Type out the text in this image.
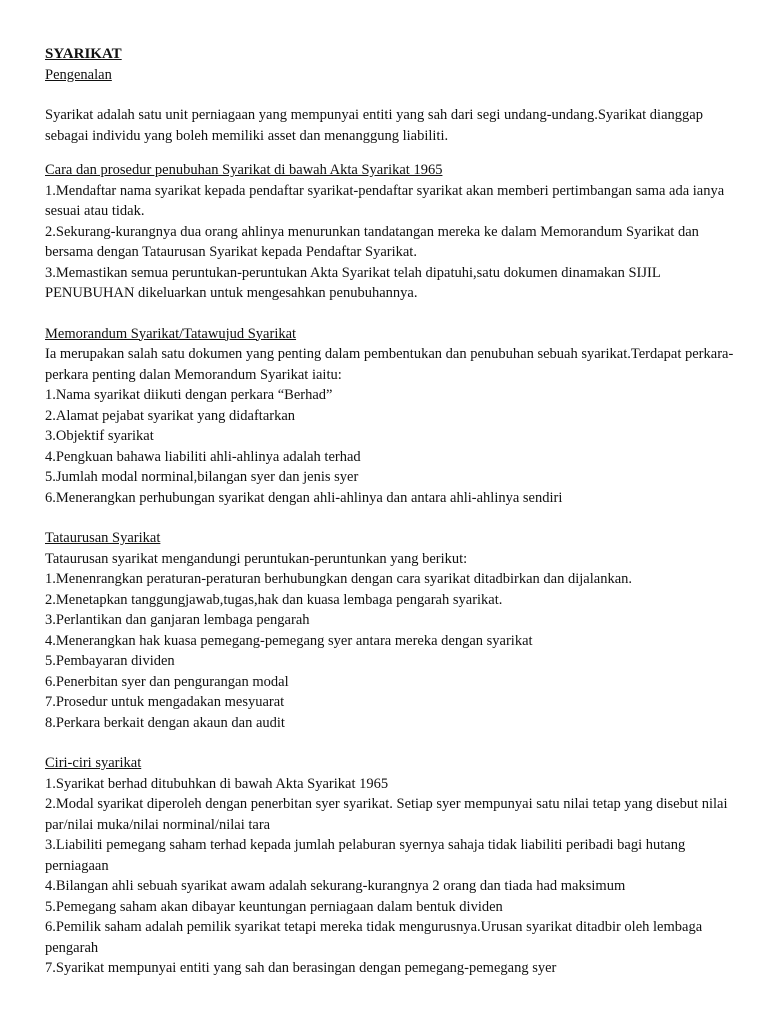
SYARIKAT

Pengenalan

Syarikat adalah satu unit perniagaan yang mempunyai entiti yang sah dari segi undang-undang.Syarikat dianggap sebagai individu yang boleh memiliki asset dan menanggung liabiliti.

Cara dan prosedur penubuhan Syarikat di bawah Akta Syarikat 1965

1.Mendaftar nama syarikat kepada pendaftar syarikat-pendaftar syarikat akan memberi pertimbangan sama ada ianya sesuai atau tidak.
2.Sekurang-kurangnya dua orang ahlinya menurunkan tandatangan mereka ke dalam Memorandum Syarikat dan bersama dengan Tataurusan Syarikat kepada Pendaftar Syarikat.
3.Memastikan semua peruntukan-peruntukan Akta Syarikat telah dipatuhi,satu dokumen dinamakan SIJIL PENUBUHAN dikeluarkan untuk mengesahkan penubuhannya.

Memorandum Syarikat/Tatawujud Syarikat

Ia merupakan salah satu dokumen yang penting dalam pembentukan dan penubuhan sebuah syarikat.Terdapat perkara-perkara penting dalan Memorandum Syarikat iaitu:

1.Nama syarikat diikuti dengan perkara “Berhad”
2.Alamat pejabat syarikat yang didaftarkan
3.Objektif syarikat
4.Pengkuan bahawa liabiliti ahli-ahlinya adalah terhad
5.Jumlah modal norminal,bilangan syer dan jenis syer
6.Menerangkan perhubungan syarikat dengan ahli-ahlinya dan antara ahli-ahlinya sendiri

Tataurusan Syarikat

Tataurusan syarikat mengandungi peruntukan-peruntunkan yang berikut:

1.Menenrangkan peraturan-peraturan berhubungkan dengan cara syarikat ditadbirkan dan dijalankan.
2.Menetapkan tanggungjawab,tugas,hak dan kuasa lembaga pengarah syarikat.
3.Perlantikan dan ganjaran lembaga pengarah
4.Menerangkan hak kuasa pemegang-pemegang syer antara mereka dengan syarikat
5.Pembayaran dividen
6.Penerbitan syer dan pengurangan modal
7.Prosedur untuk mengadakan mesyuarat
8.Perkara berkait dengan akaun dan audit

Ciri-ciri syarikat

1.Syarikat berhad ditubuhkan di bawah Akta Syarikat 1965
2.Modal syarikat diperoleh dengan penerbitan syer syarikat. Setiap syer mempunyai satu nilai tetap yang disebut nilai par/nilai muka/nilai norminal/nilai tara
3.Liabiliti pemegang saham terhad kepada jumlah pelaburan syernya sahaja tidak liabiliti peribadi bagi hutang perniagaan
4.Bilangan ahli sebuah syarikat awam adalah sekurang-kurangnya 2 orang dan tiada had maksimum
5.Pemegang saham akan dibayar keuntungan perniagaan dalam bentuk dividen
6.Pemilik saham adalah pemilik syarikat tetapi mereka tidak mengurusnya.Urusan syarikat ditadbir oleh lembaga pengarah
7.Syarikat mempunyai entiti yang sah dan berasingan dengan pemegang-pemegang syer
